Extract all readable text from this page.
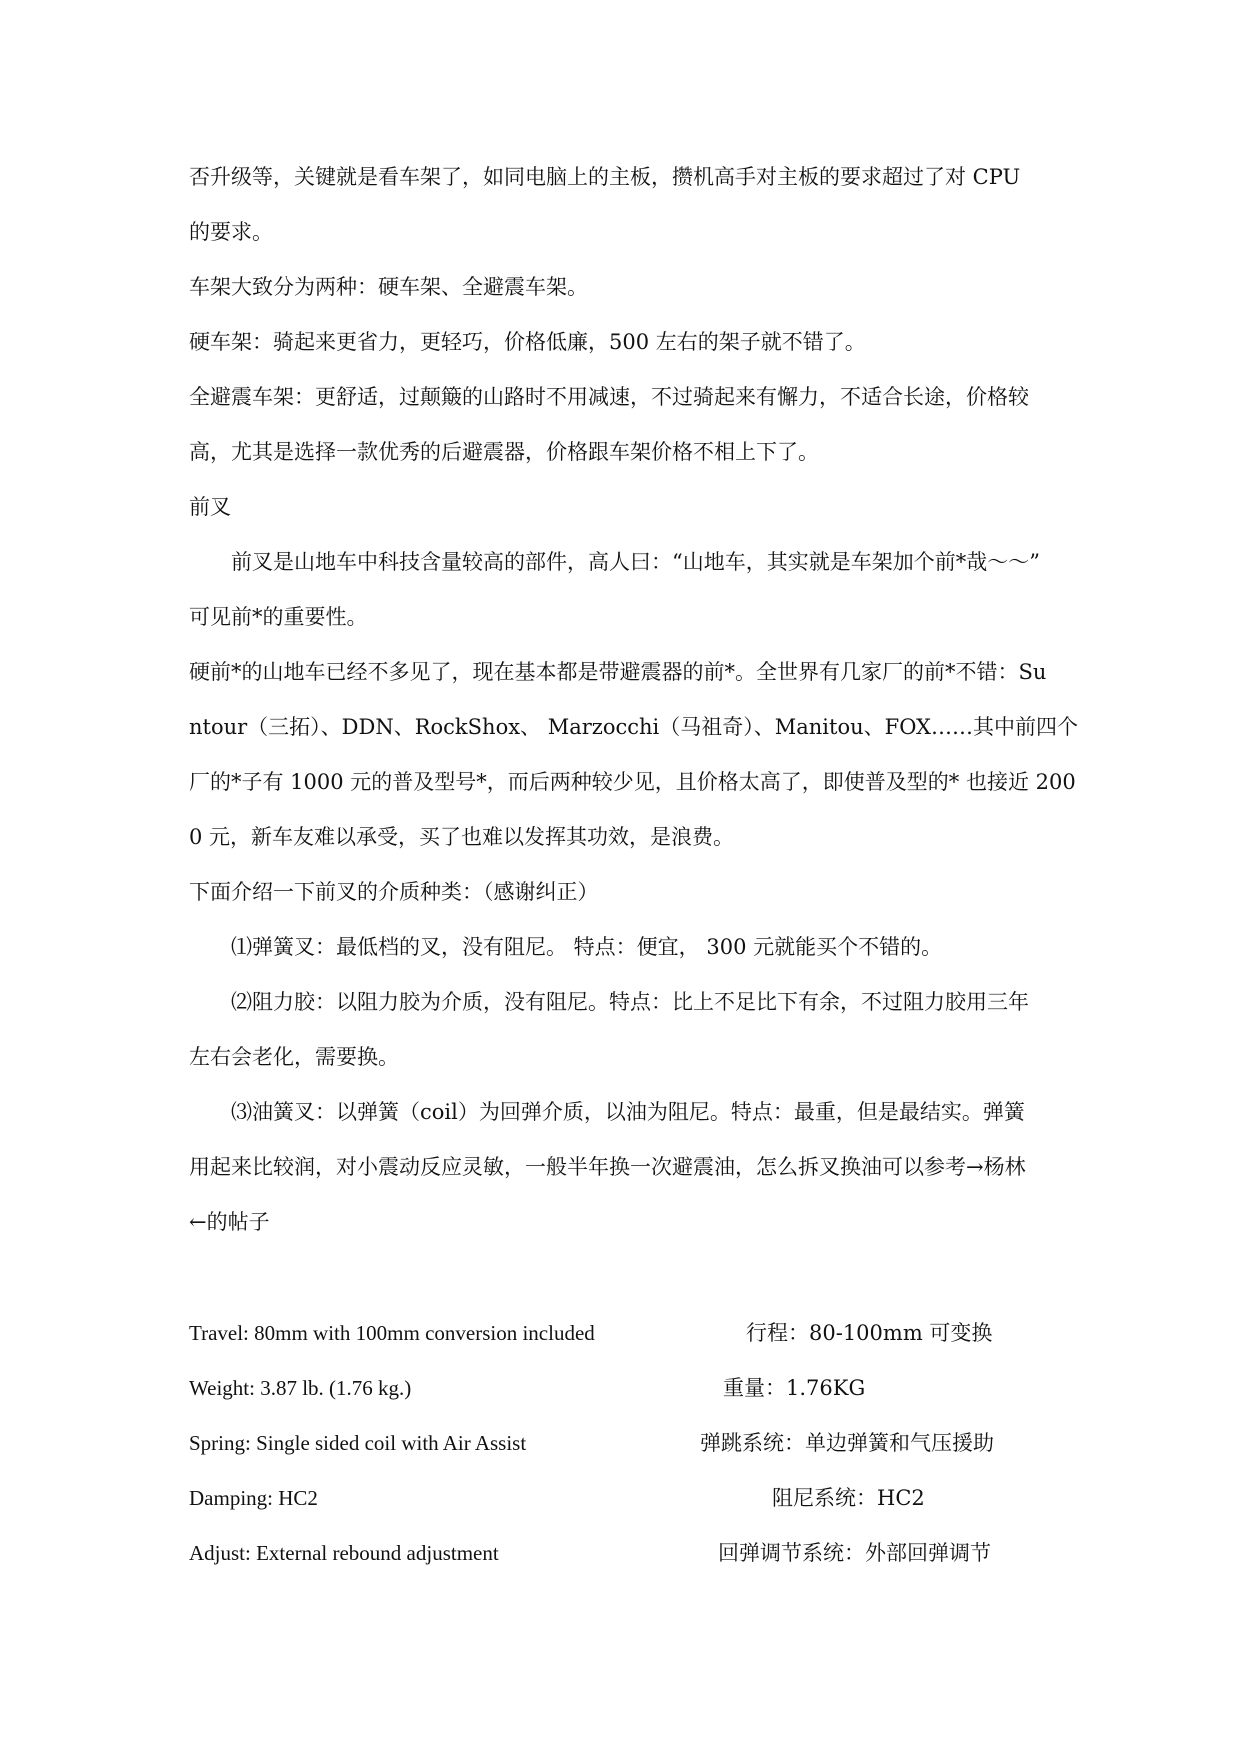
否升级等，关键就是看车架了，如同电脑上的主板，攒机高手对主板的要求超过了对 CPU
的要求。
车架大致分为两种：硬车架、全避震车架。
硬车架：骑起来更省力，更轻巧，价格低廉，500 左右的架子就不错了。
全避震车架：更舒适，过颠簸的山路时不用减速，不过骑起来有懈力，不适合长途，价格较
高，尤其是选择一款优秀的后避震器，价格跟车架价格不相上下了。
前叉
前叉是山地车中科技含量较高的部件，高人曰：“山地车，其实就是车架加个前*哉～～”
可见前*的重要性。
硬前*的山地车已经不多见了，现在基本都是带避震器的前*。全世界有几家厂的前*不错：Su
ntour（三拓）、DDN、RockShox、 Marzocchi（马祖奇）、Manitou、FOX……其中前四个
厂的*子有 1000 元的普及型号*，而后两种较少见，且价格太高了，即使普及型的* 也接近 200
0 元，新车友难以承受，买了也难以发挥其功效，是浪费。
下面介绍一下前叉的介质种类：（感谢纠正）
⑴弹簧叉：最低档的叉，没有阻尼。 特点：便宜， 300 元就能买个不错的。
⑵阻力胶：以阻力胶为介质，没有阻尼。特点：比上不足比下有余，不过阻力胶用三年
左右会老化，需要换。
⑶油簧叉：以弹簧（coil）为回弹介质，以油为阻尼。特点：最重，但是最结实。弹簧
用起来比较润，对小震动反应灵敏，一般半年换一次避震油，怎么拆叉换油可以参考→杨林
←的帖子
Travel: 80mm with 100mm conversion included	行程：80-100mm 可变换
Weight: 3.87 lb. (1.76 kg.)	重量：1.76KG
Spring: Single sided coil with Air Assist	弹跳系统：单边弹簧和气压援助
Damping: HC2	阻尼系统：HC2
Adjust: External rebound adjustment	回弹调节系统：外部回弹调节
